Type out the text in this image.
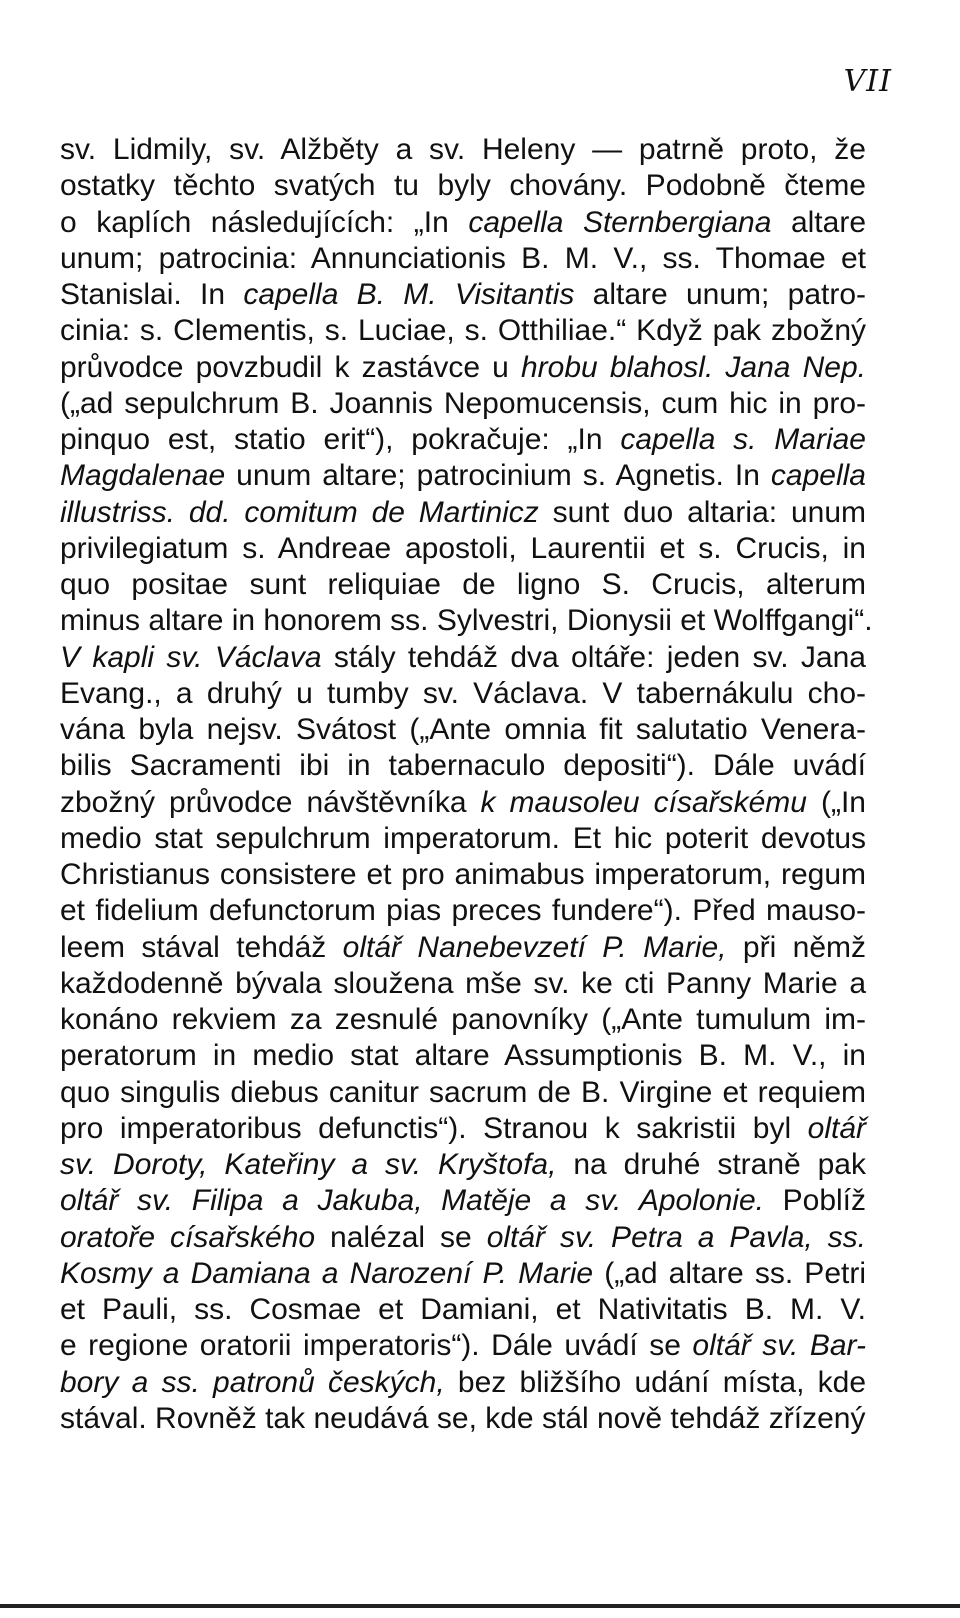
VII
sv. Lidmily, sv. Alžběty a sv. Heleny — patrně proto, že
ostatky těchto svatých tu byly chovány. Podobně čteme
o kaplích následujících: „In capella Sternbergiana altare
unum; patrocinia: Annunciationis B. M. V., ss. Thomae et
Stanislai. In capella B. M. Visitantis altare unum; patro-
cinia: s. Clementis, s. Luciae, s. Otthiliae.“ Když pak zbožný
průvodce povzbudil k zastávce u hrobu blahosl. Jana Nep.
(„ad sepulchrum B. Joannis Nepomucensis, cum hic in pro-
pinquo est, statio erit“), pokračuje: „In capella s. Mariae
Magdalenae unum altare; patrocinium s. Agnetis. In capella
illustriss. dd. comitum de Martinicz sunt duo altaria: unum
privilegiatum s. Andreae apostoli, Laurentii et s. Crucis, in
quo positae sunt reliquiae de ligno S. Crucis, alterum
minus altare in honorem ss. Sylvestri, Dionysii et Wolffgangi“.
V kapli sv. Václava stály tehdáž dva oltáře: jeden sv. Jana
Evang., a druhý u tumby sv. Václava. V tabernákulu cho-
vána byla nejsv. Svátost („Ante omnia fit salutatio Venera-
bilis Sacramenti ibi in tabernaculo depositi“). Dále uvádí
zbožný průvodce návštěvníka k mausoleu císařskému („In
medio stat sepulchrum imperatorum. Et hic poterit devotus
Christianus consistere et pro animabus imperatorum, regum
et fidelium defunctorum pias preces fundere“). Před mauso-
leem stával tehdáž oltář Nanebevzetí P. Marie, při němž
každodenně bývala sloužena mše sv. ke cti Panny Marie a
konáno rekviem za zesnulé panovníky („Ante tumulum im-
peratorum in medio stat altare Assumptionis B. M. V., in
quo singulis diebus canitur sacrum de B. Virgine et requiem
pro imperatoribus defunctis“). Stranou k sakristii byl oltář
sv. Doroty, Kateřiny a sv. Kryštofa, na druhé straně pak
oltář sv. Filipa a Jakuba, Matěje a sv. Apolonie. Poblíž
oratoře císařského nalézal se oltář sv. Petra a Pavla, ss.
Kosmy a Damiana a Narození P. Marie („ad altare ss. Petri
et Pauli, ss. Cosmae et Damiani, et Nativitatis B. M. V.
e regione oratorii imperatoris“). Dále uvádí se oltář sv. Bar-
bory a ss. patronů českých, bez bližšího udání místa, kde
stával. Rovněž tak neudává se, kde stál nově tehdáž zřízený
